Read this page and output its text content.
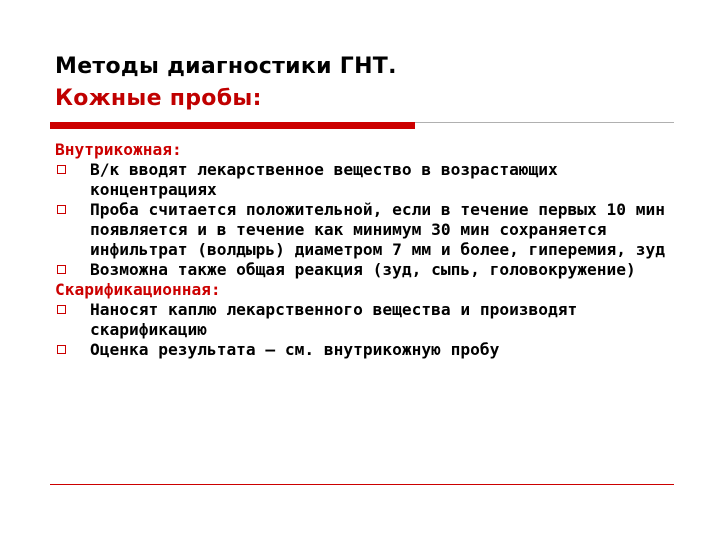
Методы диагностики ГНТ.
Кожные пробы:
Внутрикожная:
В/к вводят лекарственное вещество в возрастающих концентрациях
Проба считается положительной, если в течение первых 10 мин появляется и в течение как минимум 30 мин сохраняется инфильтрат (волдырь) диаметром 7 мм и более, гиперемия, зуд
Возможна также общая реакция (зуд, сыпь, головокружение)
Скарификационная:
Наносят каплю лекарственного вещества и производят скарификацию
Оценка результата – см. внутрикожную пробу
